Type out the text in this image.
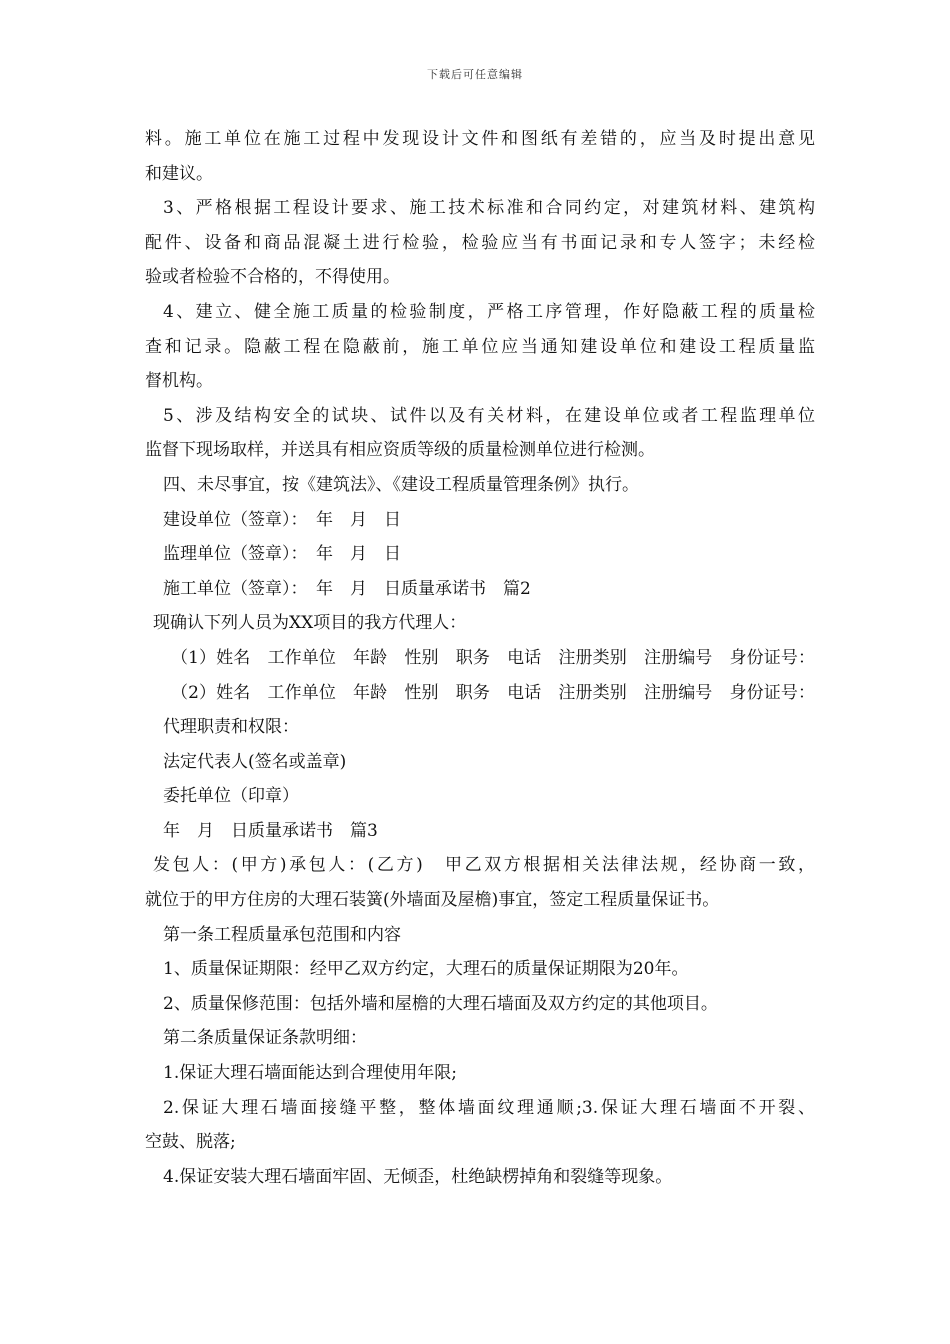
下载后可任意编辑
料。施工单位在施工过程中发现设计文件和图纸有差错的，应当及时提出意见
和建议。
3、严格根据工程设计要求、施工技术标准和合同约定，对建筑材料、建筑构
配件、设备和商品混凝土进行检验，检验应当有书面记录和专人签字；未经检
验或者检验不合格的，不得使用。
4、建立、健全施工质量的检验制度，严格工序管理，作好隐蔽工程的质量检
查和记录。隐蔽工程在隐蔽前，施工单位应当通知建设单位和建设工程质量监
督机构。
5、涉及结构安全的试块、试件以及有关材料，在建设单位或者工程监理单位
监督下现场取样，并送具有相应资质等级的质量检测单位进行检测。
四、未尽事宜，按《建筑法》、《建设工程质量管理条例》执行。
建设单位（签章）：　年　月　日
监理单位（签章）：　年　月　日
施工单位（签章）：　年　月　日质量承诺书　篇2
现确认下列人员为XX项目的我方代理人：
（1）姓名　工作单位　年龄　性别　职务　电话　注册类别　注册编号　身份证号：
（2）姓名　工作单位　年龄　性别　职务　电话　注册类别　注册编号　身份证号：
代理职责和权限：
法定代表人(签名或盖章)
委托单位（印章）
年　月　日质量承诺书　篇3
发包人：(甲方)承包人：(乙方)　甲乙双方根据相关法律法规，经协商一致，
就位于的甲方住房的大理石装簧(外墙面及屋檐)事宜，签定工程质量保证书。
第一条工程质量承包范围和内容
1、质量保证期限：经甲乙双方约定，大理石的质量保证期限为20年。
2、质量保修范围：包括外墙和屋檐的大理石墙面及双方约定的其他项目。
第二条质量保证条款明细：
1.保证大理石墙面能达到合理使用年限;
2.保证大理石墙面接缝平整，整体墙面纹理通顺;3.保证大理石墙面不开裂、
空鼓、脱落;
4.保证安装大理石墙面牢固、无倾歪，杜绝缺楞掉角和裂缝等现象。
